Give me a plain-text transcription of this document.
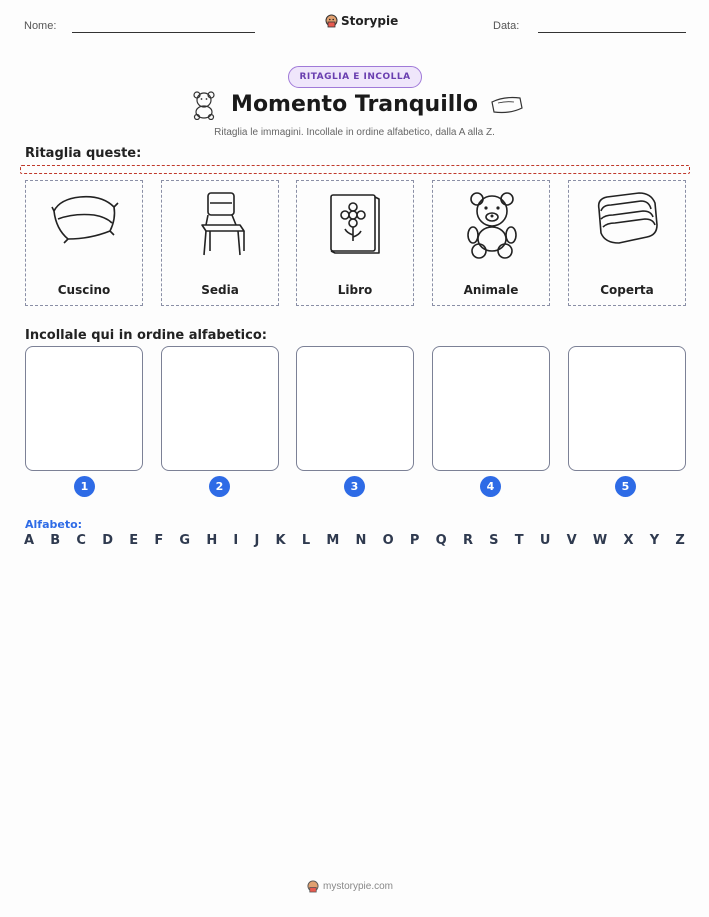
Nome:	Storypie	Data:
RITAGLIA E INCOLLA
Momento Tranquillo
Ritaglia le immagini. Incollale in ordine alfabetico, dalla A alla Z.
Ritaglia queste:
Cuscino	Sedia	Libro	Animale	Coperta
Incollale qui in ordine alfabetico:
1	2	3	4	5
Alfabeto:
A B C D E F G H I J K L M N O P Q R S T U V W X Y Z
mystorypie.com
